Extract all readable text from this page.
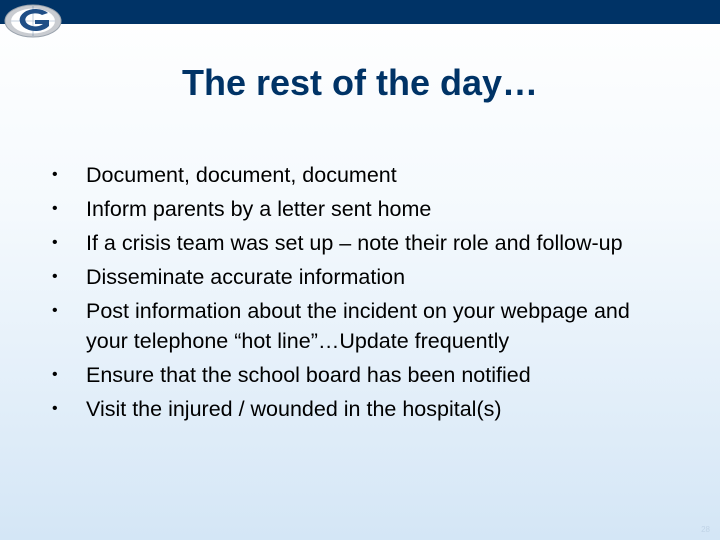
The rest of the day…
•	Document, document, document
•	Inform parents by a letter sent home
•	If a crisis team was set up – note their role and follow-up
•	Disseminate accurate information
•	Post information about the incident on your webpage and your telephone “hot line”…Update frequently
•	Ensure that the school board has been notified
•	Visit the injured / wounded in the hospital(s)
28
